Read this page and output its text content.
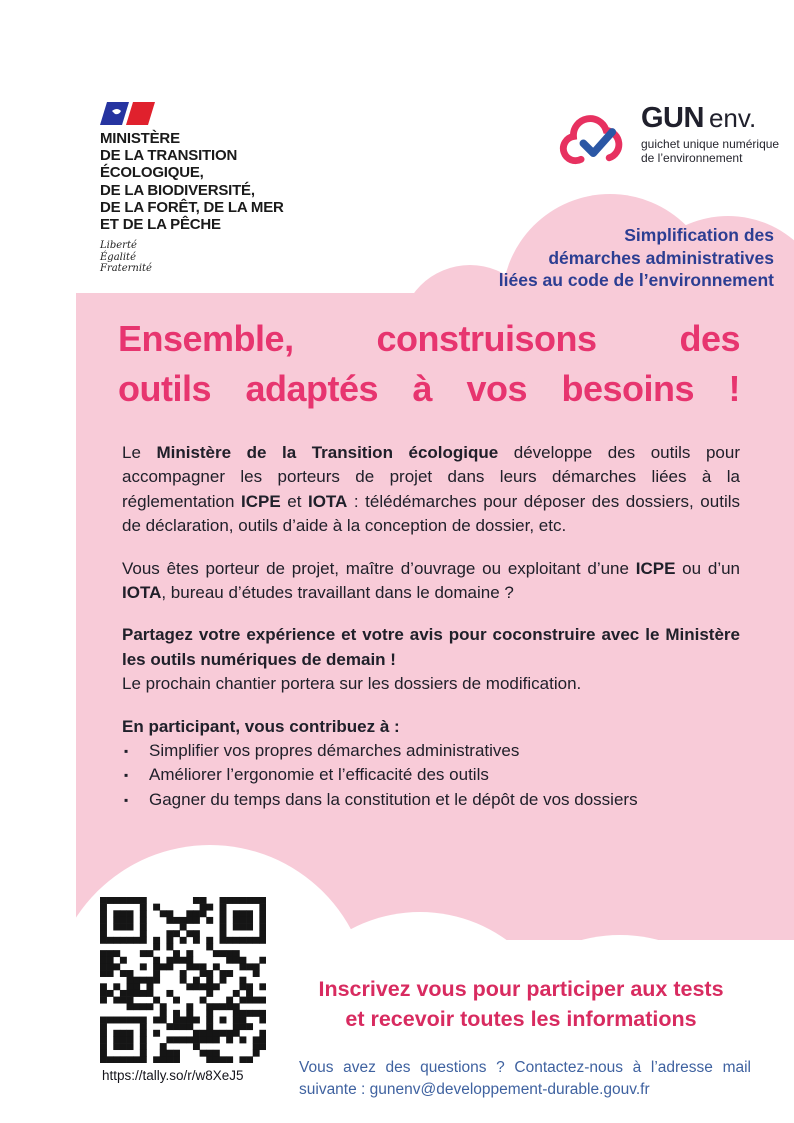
MINISTÈRE
DE LA TRANSITION
ÉCOLOGIQUE,
DE LA BIODIVERSITÉ,
DE LA FORÊT, DE LA MER
ET DE LA PÊCHE
Liberté
Égalité
Fraternité
GUN env.
guichet unique numérique
de l’environnement
Simplification des
démarches administratives
liées au code de l’environnement
Ensemble, construisons des
outils adaptés à vos besoins !

Le Ministère de la Transition écologique développe des outils pour accompagner les porteurs de projet dans leurs démarches liées à la réglementation ICPE et IOTA : télédémarches pour déposer des dossiers, outils de déclaration, outils d’aide à la conception de dossier, etc.

Vous êtes porteur de projet, maître d’ouvrage ou exploitant d’une ICPE ou d’un IOTA, bureau d’études travaillant dans le domaine ?

Partagez votre expérience et votre avis pour coconstruire avec le Ministère les outils numériques de demain !

Le prochain chantier portera sur les dossiers de modification.

En participant, vous contribuez à :

▪ Simplifier vos propres démarches administratives
▪ Améliorer l’ergonomie et l’efficacité des outils
▪ Gagner du temps dans la constitution et le dépôt de vos dossiers
https://tally.so/r/w8XeJ5
Inscrivez vous pour participer aux tests
et recevoir toutes les informations

Vous avez des questions ? Contactez-nous à l’adresse mail suivante : gunenv@developpement-durable.gouv.fr
